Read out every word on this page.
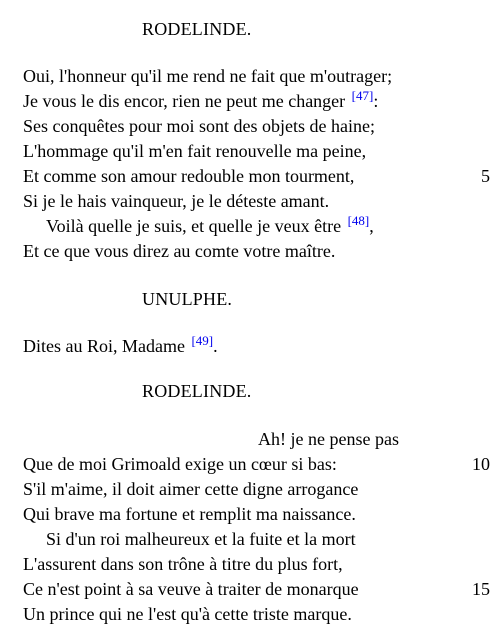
RODELINDE.
Oui, l'honneur qu'il me rend ne fait que m'outrager;
Je vous le dis encor, rien ne peut me changer [47]:
Ses conquêtes pour moi sont des objets de haine;
L'hommage qu'il m'en fait renouvelle ma peine,
Et comme son amour redouble mon tourment,	5
Si je le hais vainqueur, je le déteste amant.
Voilà quelle je suis, et quelle je veux être [48],
Et ce que vous direz au comte votre maître.
UNULPHE.
Dites au Roi, Madame [49].
RODELINDE.
Ah! je ne pense pas
Que de moi Grimoald exige un cœur si bas:	10
S'il m'aime, il doit aimer cette digne arrogance
Qui brave ma fortune et remplit ma naissance.
Si d'un roi malheureux et la fuite et la mort
L'assurent dans son trône à titre du plus fort,
Ce n'est point à sa veuve à traiter de monarque	15
Un prince qui ne l'est qu'à cette triste marque.
